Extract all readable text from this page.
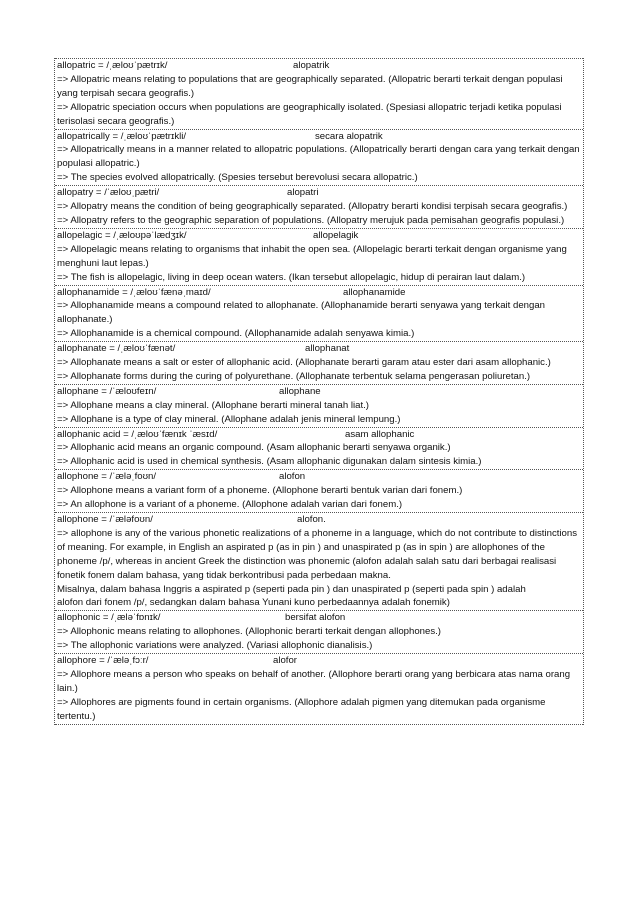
allopatric = /ˌæloʊˈpætrɪk/	alopatrik
=> Allopatric means relating to populations that are geographically separated. (Allopatric berarti terkait dengan populasi yang terpisah secara geografis.)
=> Allopatric speciation occurs when populations are geographically isolated. (Spesiasi allopatric terjadi ketika populasi terisolasi secara geografis.)
allopatrically = /ˌæloʊˈpætrɪkli/	secara alopatrik
=> Allopatrically means in a manner related to allopatric populations. (Allopatrically berarti dengan cara yang terkait dengan populasi allopatric.)
=> The species evolved allopatrically. (Spesies tersebut berevolusi secara allopatric.)
allopatry = /ˈæloʊˌpætri/	alopatri
=> Allopatry means the condition of being geographically separated. (Allopatry berarti kondisi terpisah secara geografis.)
=> Allopatry refers to the geographic separation of populations. (Allopatry merujuk pada pemisahan geografis populasi.)
allopelagic = /ˌæloʊpəˈlædʒɪk/	allopelagik
=> Allopelagic means relating to organisms that inhabit the open sea. (Allopelagic berarti terkait dengan organisme yang menghuni laut lepas.)
=> The fish is allopelagic, living in deep ocean waters. (Ikan tersebut allopelagic, hidup di perairan laut dalam.)
allophanamide = /ˌæloʊˈfænəˌmaɪd/	allophanamide
=> Allophanamide means a compound related to allophanate. (Allophanamide berarti senyawa yang terkait dengan allophanate.)
=> Allophanamide is a chemical compound. (Allophanamide adalah senyawa kimia.)
allophanate = /ˌæloʊˈfænət/	allophanat
=> Allophanate means a salt or ester of allophanic acid. (Allophanate berarti garam atau ester dari asam allophanic.)
=> Allophanate forms during the curing of polyurethane. (Allophanate terbentuk selama pengerasan poliuretan.)
allophane = /ˈæloʊfeɪn/	allophane
=> Allophane means a clay mineral. (Allophane berarti mineral tanah liat.)
=> Allophane is a type of clay mineral. (Allophane adalah jenis mineral lempung.)
allophanic acid = /ˌæloʊˈfænɪk ˈæsɪd/	asam allophanic
=> Allophanic acid means an organic compound. (Asam allophanic berarti senyawa organik.)
=> Allophanic acid is used in chemical synthesis. (Asam allophanic digunakan dalam sintesis kimia.)
allophone = /ˈæləˌfoʊn/	alofon
=> Allophone means a variant form of a phoneme. (Allophone berarti bentuk varian dari fonem.)
=> An allophone is a variant of a phoneme. (Allophone adalah varian dari fonem.)
allophone = /ˈæləfoʊn/	alofon.
=> allophone is any of the various phonetic realizations of a phoneme in a language, which do not contribute to distinctions of meaning. For example, in English an aspirated p (as in pin ) and unaspirated p (as in spin ) are allophones of the phoneme /p/, whereas in ancient Greek the distinction was phonemic (alofon adalah salah satu dari berbagai realisasi fonetik fonem dalam bahasa, yang tidak berkontribusi pada perbedaan makna.
Misalnya, dalam bahasa Inggris a aspirated p (seperti pada pin ) dan unaspirated p (seperti pada spin ) adalah
alofon dari fonem /p/, sedangkan dalam bahasa Yunani kuno perbedaannya adalah fonemik)
allophonic = /ˌæləˈfɒnɪk/	bersifat alofon
=> Allophonic means relating to allophones. (Allophonic berarti terkait dengan allophones.)
=> The allophonic variations were analyzed. (Variasi allophonic dianalisis.)
allophore = /ˈæləˌfɔːr/	alofor
=> Allophore means a person who speaks on behalf of another. (Allophore berarti orang yang berbicara atas nama orang lain.)
=> Allophores are pigments found in certain organisms. (Allophore adalah pigmen yang ditemukan pada organisme tertentu.)
